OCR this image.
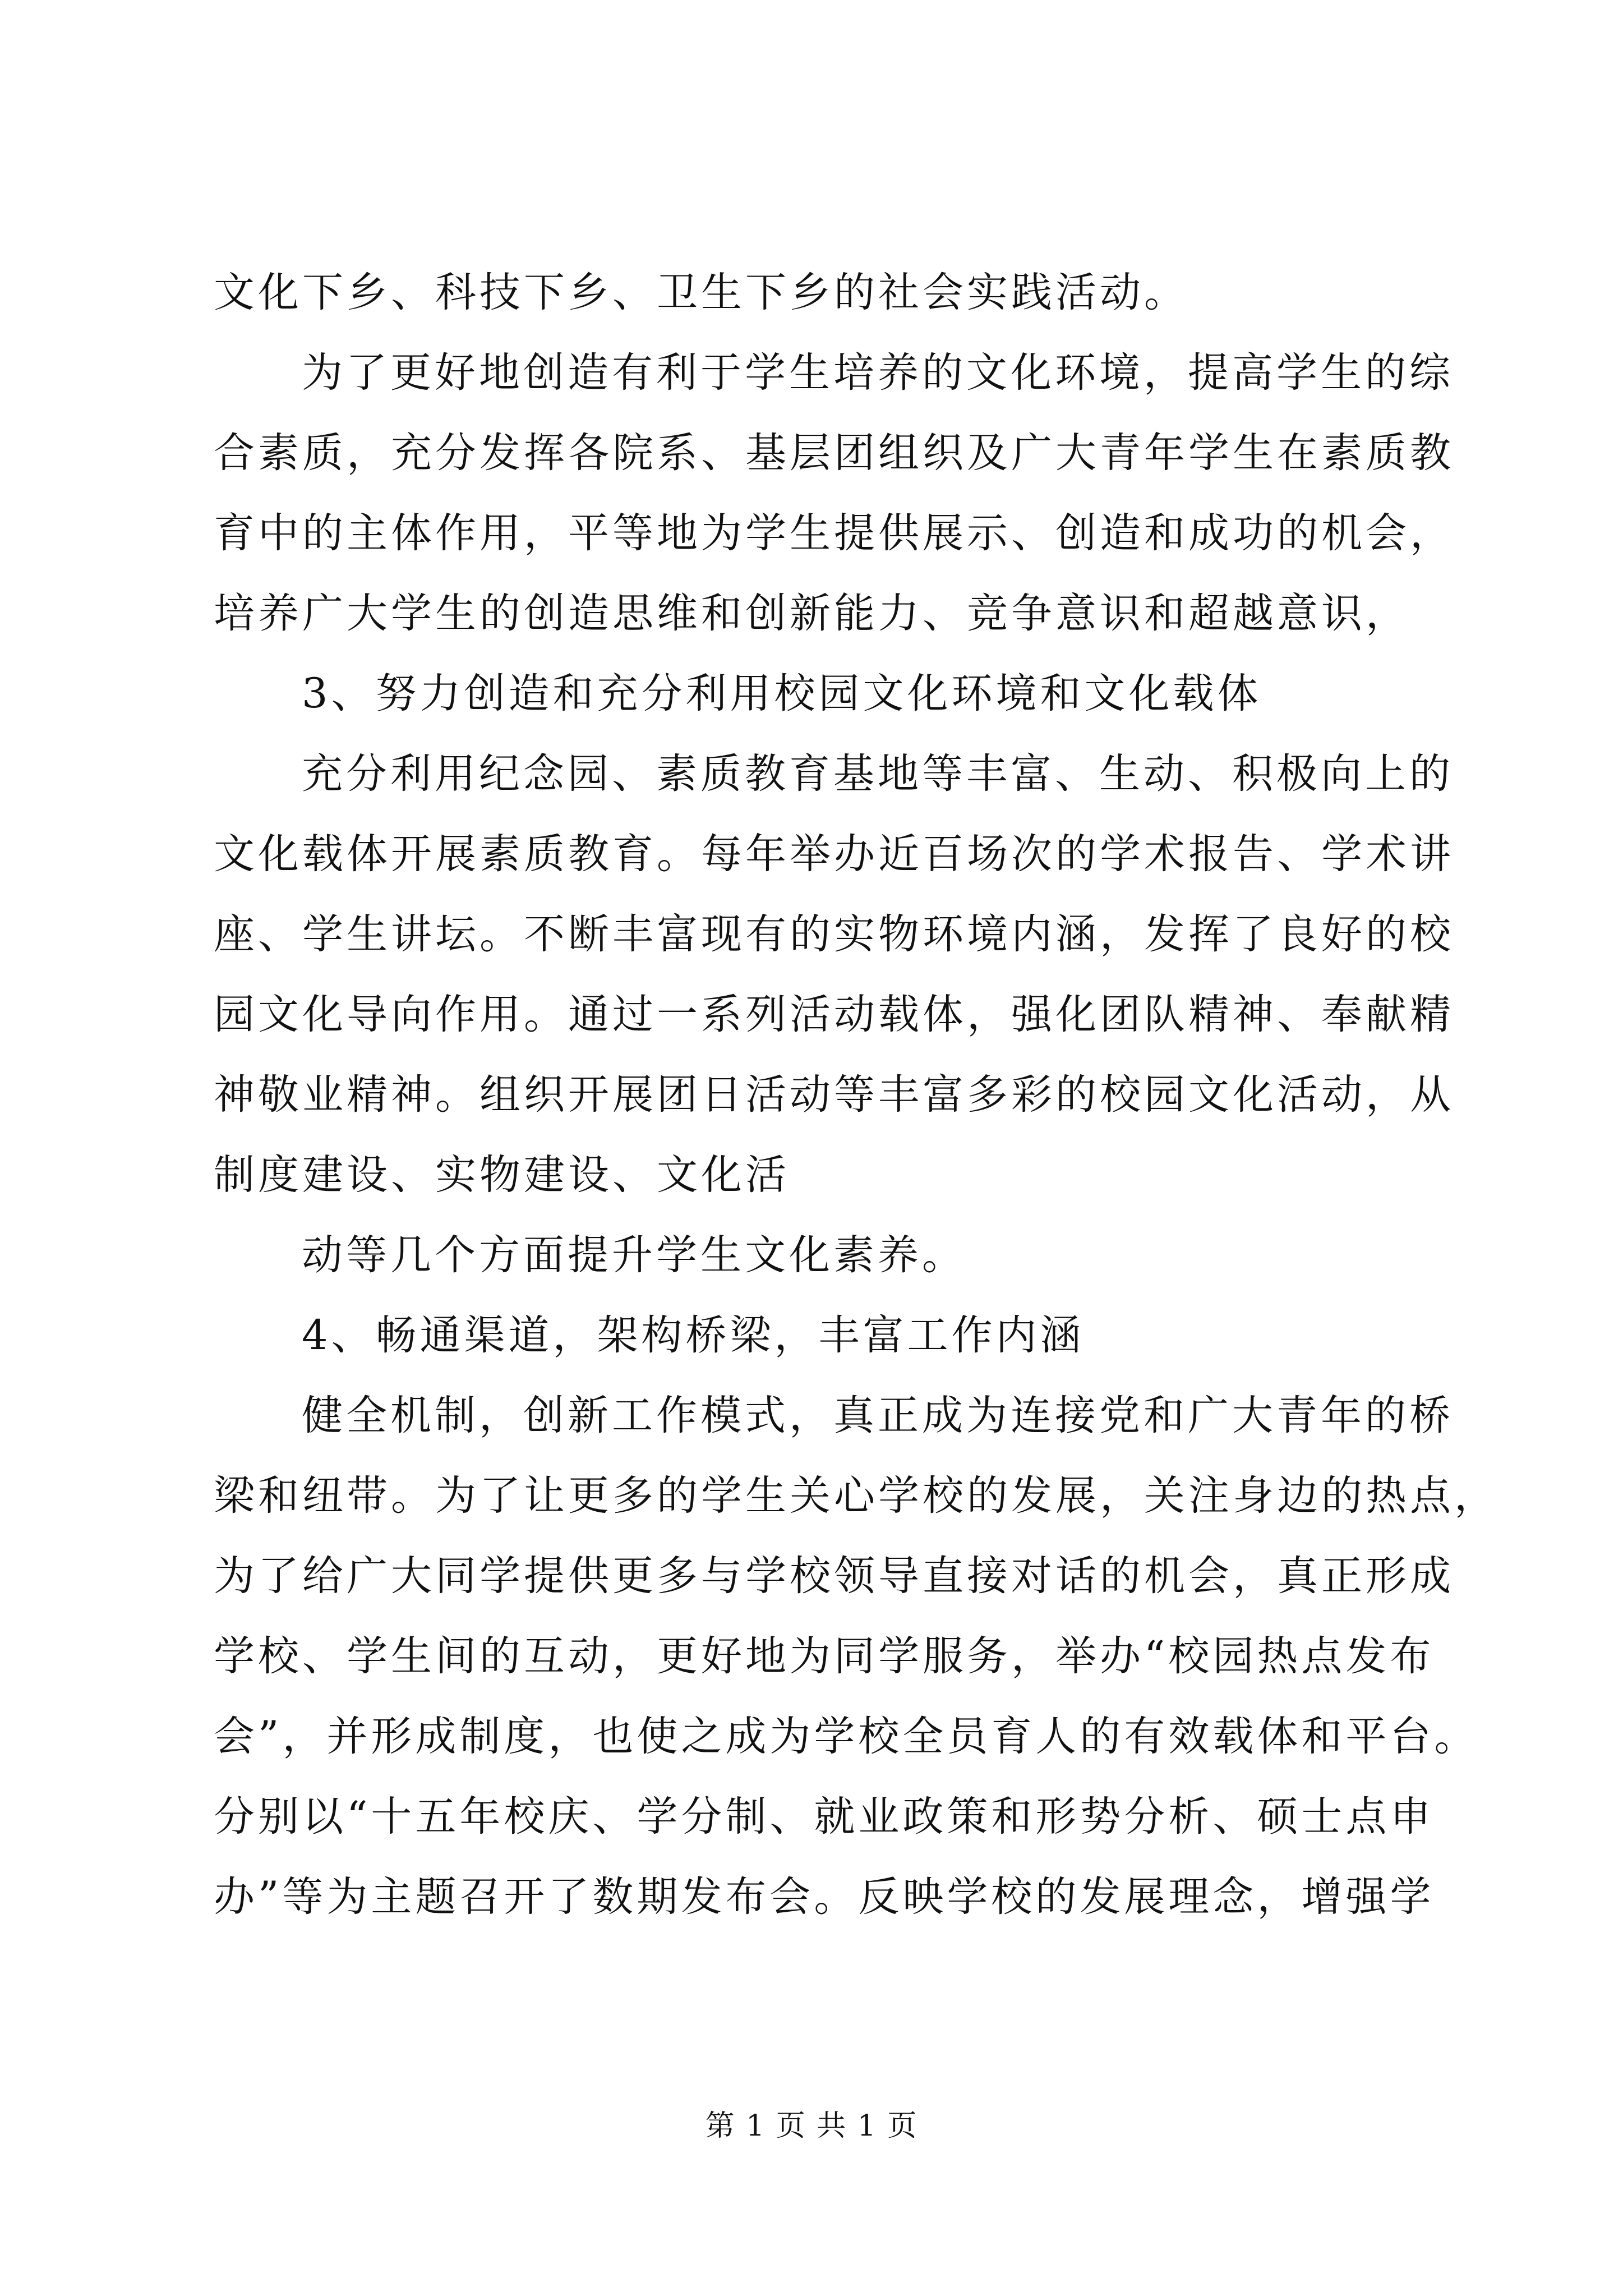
文化下乡、科技下乡、卫生下乡的社会实践活动。
为了更好地创造有利于学生培养的文化环境，提高学生的综
合素质，充分发挥各院系、基层团组织及广大青年学生在素质教
育中的主体作用，平等地为学生提供展示、创造和成功的机会，
培养广大学生的创造思维和创新能力、竞争意识和超越意识，
3、努力创造和充分利用校园文化环境和文化载体
充分利用纪念园、素质教育基地等丰富、生动、积极向上的
文化载体开展素质教育。每年举办近百场次的学术报告、学术讲
座、学生讲坛。不断丰富现有的实物环境内涵，发挥了良好的校
园文化导向作用。通过一系列活动载体，强化团队精神、奉献精
神敬业精神。组织开展团日活动等丰富多彩的校园文化活动，从
制度建设、实物建设、文化活
动等几个方面提升学生文化素养。
4、畅通渠道，架构桥梁，丰富工作内涵
健全机制，创新工作模式，真正成为连接党和广大青年的桥
梁和纽带。为了让更多的学生关心学校的发展，关注身边的热点，
为了给广大同学提供更多与学校领导直接对话的机会，真正形成
学校、学生间的互动，更好地为同学服务，举办“校园热点发布
会”，并形成制度，也使之成为学校全员育人的有效载体和平台。
分别以“十五年校庆、学分制、就业政策和形势分析、硕士点申
办”等为主题召开了数期发布会。反映学校的发展理念，增强学
第 1 页 共 1 页
